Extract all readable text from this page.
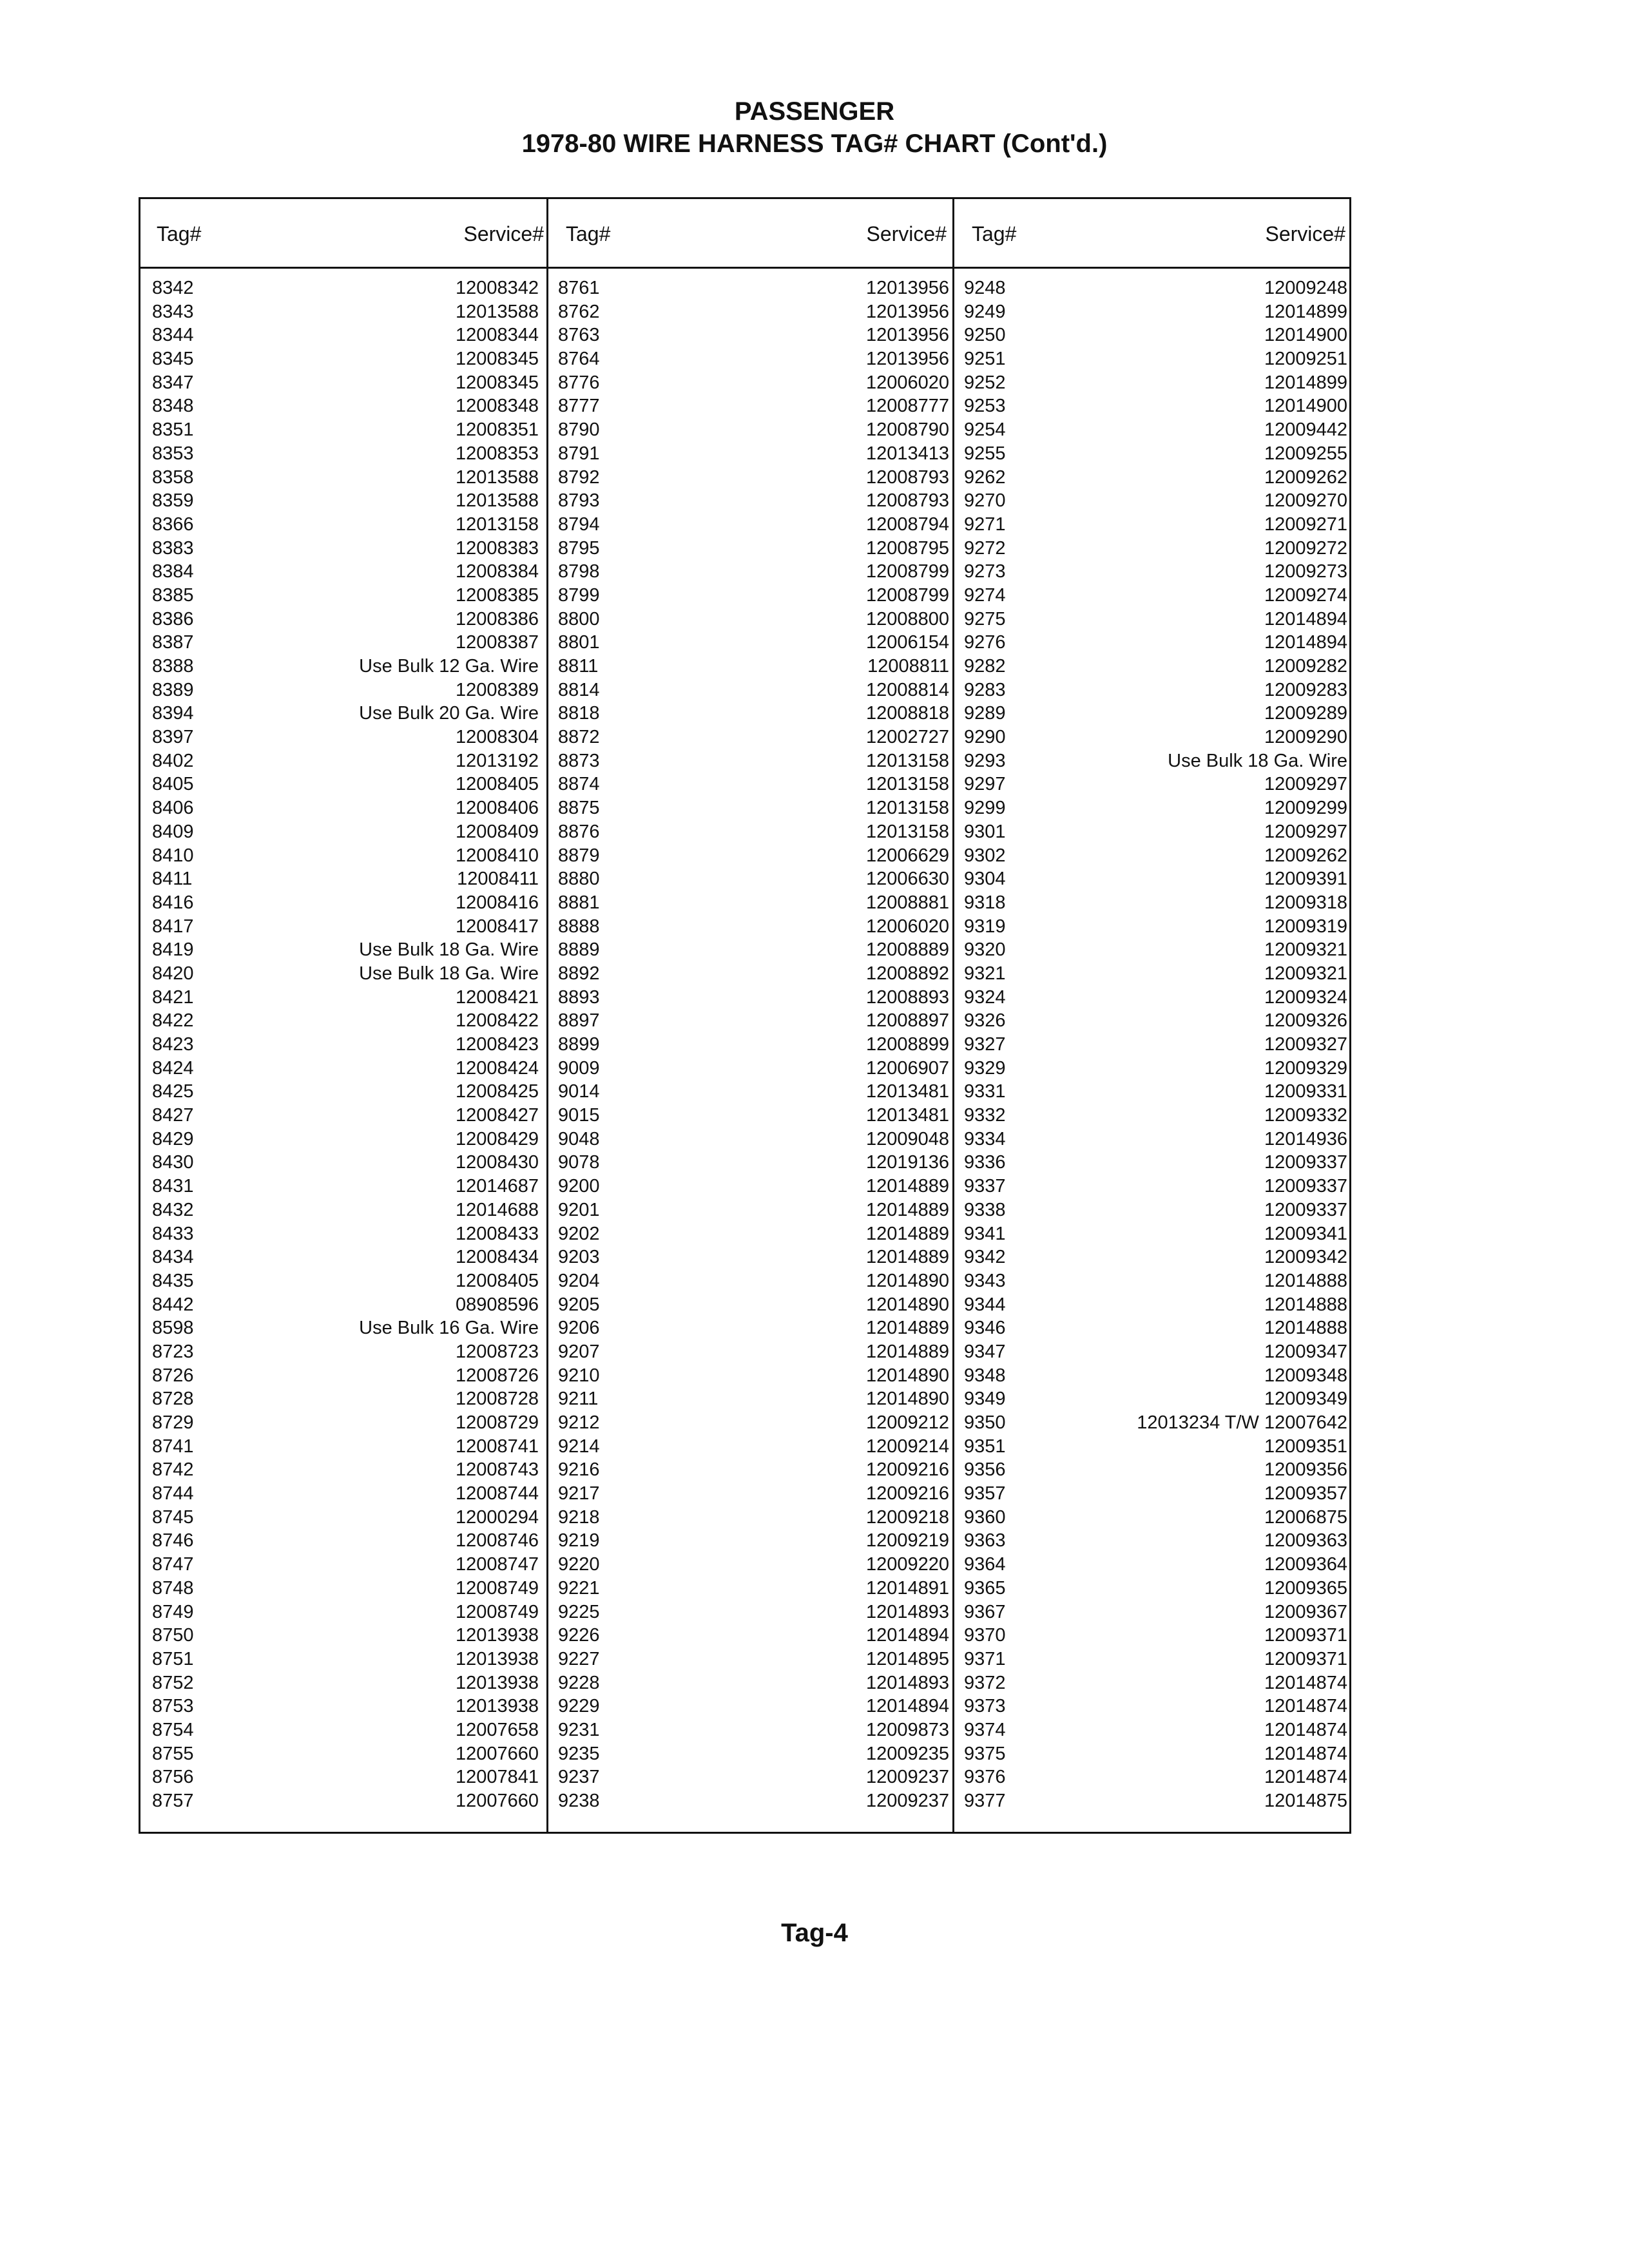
PASSENGER
1978-80 WIRE HARNESS TAG# CHART (Cont'd.)
Tag#	Service# Tag#	Service# Tag#	Service#
8342	12008342
8343	12013588
8344	12008344
8345	12008345
8347	12008345
8348	12008348
8351	12008351
8353	12008353
8358	12013588
8359	12013588
8366	12013158
8383	12008383
8384	12008384
8385	12008385
8386	12008386
8387	12008387
8388	Use Bulk 12 Ga. Wire
8389	12008389
8394	Use Bulk 20 Ga. Wire
8397	12008304
8402	12013192
8405	12008405
8406	12008406
8409	12008409
8410	12008410
8411	12008411
8416	12008416
8417	12008417
8419	Use Bulk 18 Ga. Wire
8420	Use Bulk 18 Ga. Wire
8421	12008421
8422	12008422
8423	12008423
8424	12008424
8425	12008425
8427	12008427
8429	12008429
8430	12008430
8431	12014687
8432	12014688
8433	12008433
8434	12008434
8435	12008405
8442	08908596
8598	Use Bulk 16 Ga. Wire
8723	12008723
8726	12008726
8728	12008728
8729	12008729
8741	12008741
8742	12008743
8744	12008744
8745	12000294
8746	12008746
8747	12008747
8748	12008749
8749	12008749
8750	12013938
8751	12013938
8752	12013938
8753	12013938
8754	12007658
8755	12007660
8756	12007841
8757	12007660
8761	12013956
8762	12013956
8763	12013956
8764	12013956
8776	12006020
8777	12008777
8790	12008790
8791	12013413
8792	12008793
8793	12008793
8794	12008794
8795	12008795
8798	12008799
8799	12008799
8800	12008800
8801	12006154
8811	12008811
8814	12008814
8818	12008818
8872	12002727
8873	12013158
8874	12013158
8875	12013158
8876	12013158
8879	12006629
8880	12006630
8881	12008881
8888	12006020
8889	12008889
8892	12008892
8893	12008893
8897	12008897
8899	12008899
9009	12006907
9014	12013481
9015	12013481
9048	12009048
9078	12019136
9200	12014889
9201	12014889
9202	12014889
9203	12014889
9204	12014890
9205	12014890
9206	12014889
9207	12014889
9210	12014890
9211	12014890
9212	12009212
9214	12009214
9216	12009216
9217	12009216
9218	12009218
9219	12009219
9220	12009220
9221	12014891
9225	12014893
9226	12014894
9227	12014895
9228	12014893
9229	12014894
9231	12009873
9235	12009235
9237	12009237
9238	12009237
9248	12009248
9249	12014899
9250	12014900
9251	12009251
9252	12014899
9253	12014900
9254	12009442
9255	12009255
9262	12009262
9270	12009270
9271	12009271
9272	12009272
9273	12009273
9274	12009274
9275	12014894
9276	12014894
9282	12009282
9283	12009283
9289	12009289
9290	12009290
9293	Use Bulk 18 Ga. Wire
9297	12009297
9299	12009299
9301	12009297
9302	12009262
9304	12009391
9318	12009318
9319	12009319
9320	12009321
9321	12009321
9324	12009324
9326	12009326
9327	12009327
9329	12009329
9331	12009331
9332	12009332
9334	12014936
9336	12009337
9337	12009337
9338	12009337
9341	12009341
9342	12009342
9343	12014888
9344	12014888
9346	12014888
9347	12009347
9348	12009348
9349	12009349
9350	12013234 T/W 12007642
9351	12009351
9356	12009356
9357	12009357
9360	12006875
9363	12009363
9364	12009364
9365	12009365
9367	12009367
9370	12009371
9371	12009371
9372	12014874
9373	12014874
9374	12014874
9375	12014874
9376	12014874
9377	12014875
Tag-4
